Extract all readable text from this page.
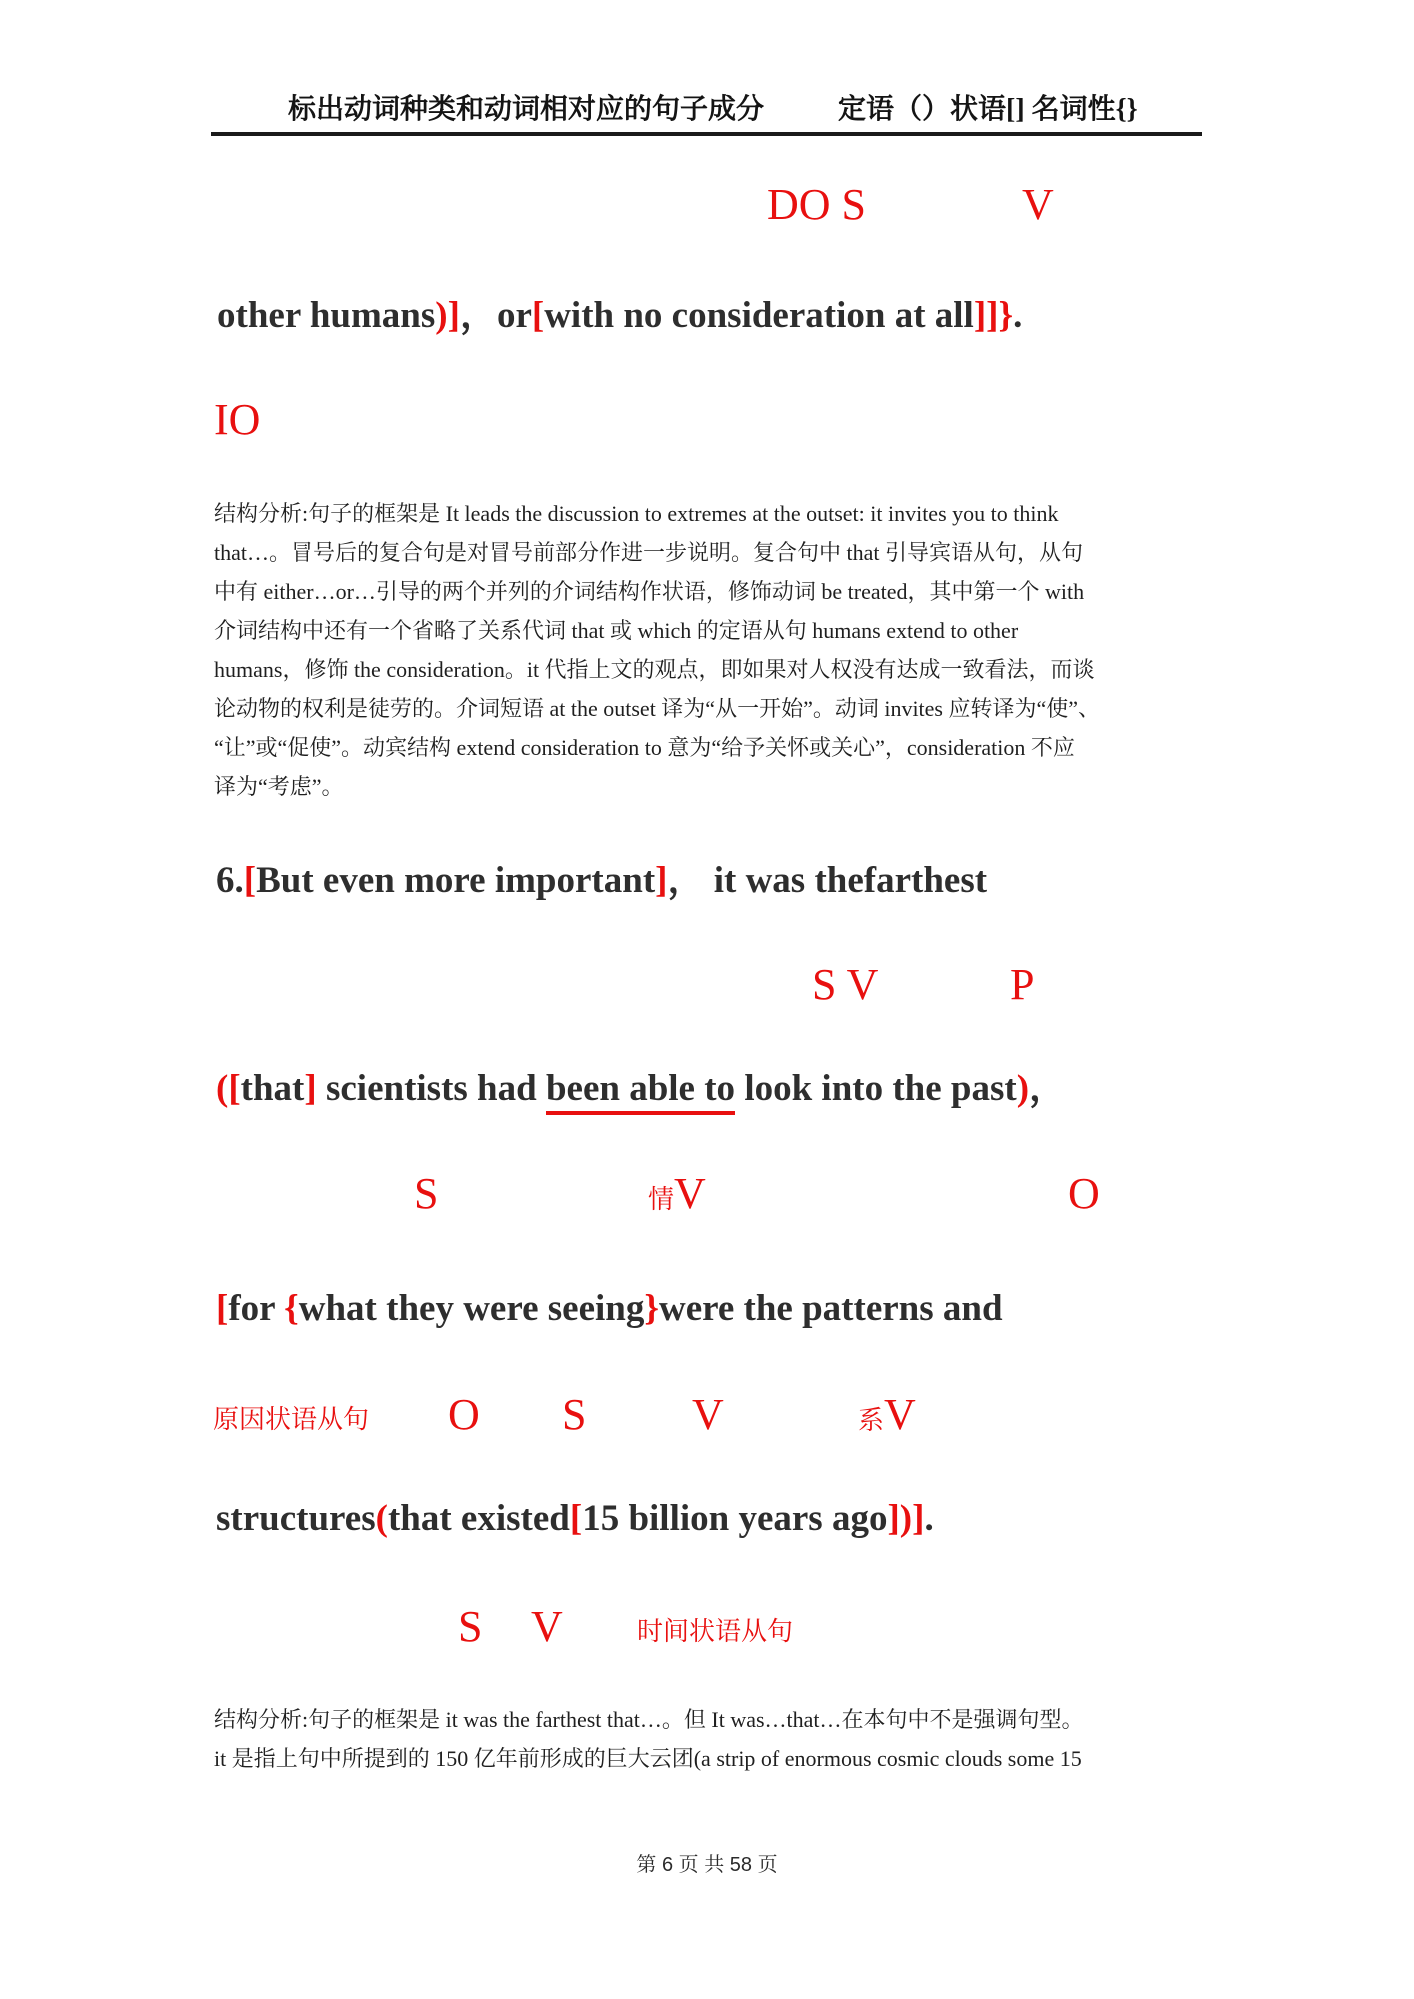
标出动词种类和动词相对应的句子成分	定语（）状语[] 名词性{}
DO S	V
other humans)]，or[with no consideration at all]]}.
IO
结构分析:句子的框架是 It leads the discussion to extremes at the outset: it invites you to think
that…。冒号后的复合句是对冒号前部分作进一步说明。复合句中 that 引导宾语从句，从句
中有 either…or…引导的两个并列的介词结构作状语，修饰动词 be treated，其中第一个 with
介词结构中还有一个省略了关系代词 that 或 which 的定语从句 humans extend to other
humans，修饰 the consideration。it 代指上文的观点，即如果对人权没有达成一致看法，而谈
论动物的权利是徒劳的。介词短语 at the outset 译为“从一开始”。动词 invites 应转译为“使”、
“让”或“促使”。动宾结构 extend consideration to 意为“给予关怀或关心”，consideration 不应
译为“考虑”。
6.[But even more important]， it was thefarthest
S V	P
([that] scientists had been able to look into the past)，
S	情V	O
[for {what they were seeing}were the patterns and
原因状语从句 O S V	系V
structures(that existed[15 billion years ago])].
S V	时间状语从句
结构分析:句子的框架是 it was the farthest that…。但 It was…that…在本句中不是强调句型。
it 是指上句中所提到的 150 亿年前形成的巨大云团(a strip of enormous cosmic clouds some 15
第 6 页 共 58 页
